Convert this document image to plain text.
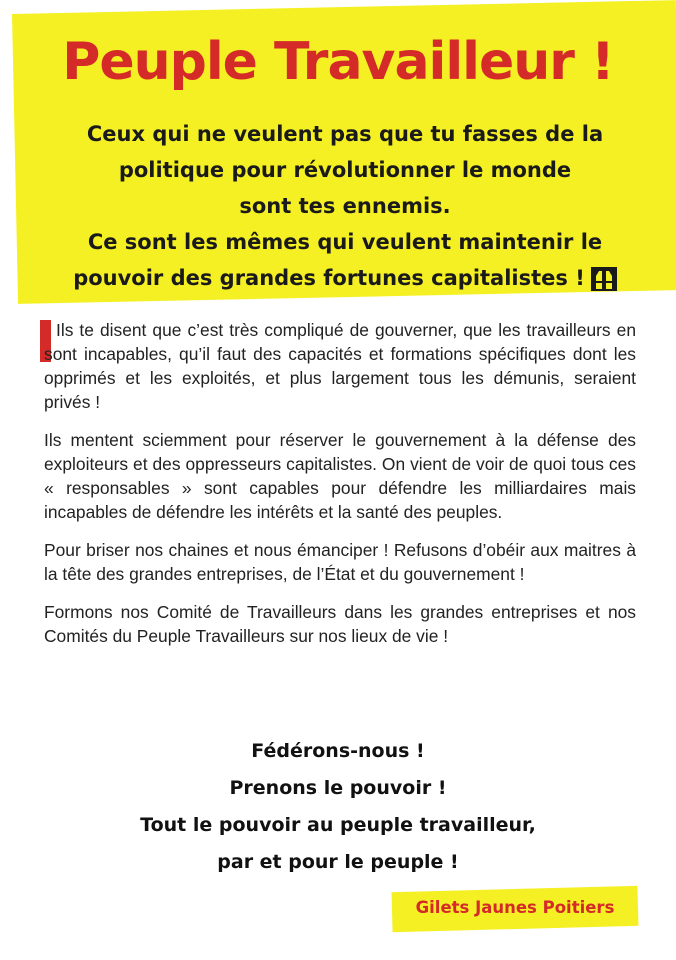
Peuple Travailleur !
Ceux qui ne veulent pas que tu fasses de la
politique pour révolutionner le monde
sont tes ennemis.
Ce sont les mêmes qui veulent maintenir le
pouvoir des grandes fortunes capitalistes !

Ils te disent que c’est très compliqué de gouverner, que les travailleurs en sont incapables, qu’il faut des capacités et formations spécifiques dont les opprimés et les exploités, et plus largement tous les démunis, seraient privés !

Ils mentent sciemment pour réserver le gouvernement à la défense des exploiteurs et des oppresseurs capitalistes. On vient de voir de quoi tous ces « responsables » sont capables pour défendre les milliardaires mais incapables de défendre les intérêts et la santé des peuples.

Pour briser nos chaines et nous émanciper ! Refusons d’obéir aux maitres à la tête des grandes entreprises, de l’État et du gouvernement !

Formons nos Comité de Travailleurs dans les grandes entreprises et nos Comités du Peuple Travailleurs sur nos lieux de vie !

Fédérons-nous !
Prenons le pouvoir !
Tout le pouvoir au peuple travailleur,
par et pour le peuple !
Gilets Jaunes Poitiers
